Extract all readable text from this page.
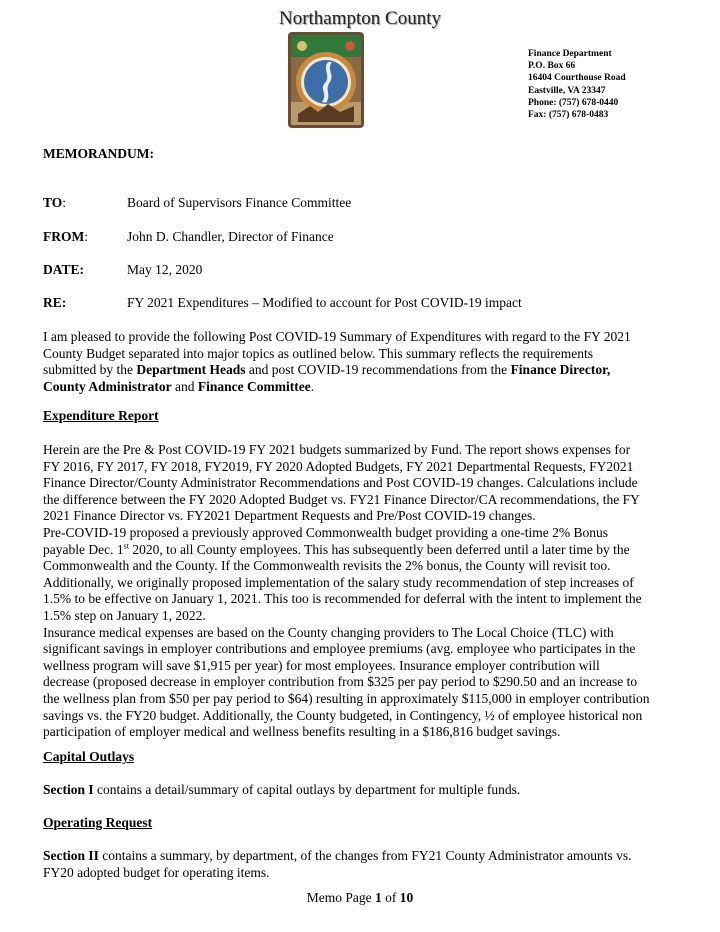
Northampton County
Finance Department
P.O. Box 66
16404 Courthouse Road
Eastville, VA 23347
Phone: (757) 678-0440
Fax: (757) 678-0483
MEMORANDUM:
TO:	Board of Supervisors Finance Committee
FROM:	John D. Chandler, Director of Finance
DATE:	May 12, 2020
RE:	FY 2021 Expenditures – Modified to account for Post COVID-19 impact
I am pleased to provide the following Post COVID-19 Summary of Expenditures with regard to the FY 2021
County Budget separated into major topics as outlined below. This summary reflects the requirements
submitted by the Department Heads and post COVID-19 recommendations from the Finance Director,
County Administrator and Finance Committee.
Expenditure Report
Herein are the Pre & Post COVID-19 FY 2021 budgets summarized by Fund. The report shows expenses for
FY 2016, FY 2017, FY 2018, FY2019, FY 2020 Adopted Budgets, FY 2021 Departmental Requests, FY2021
Finance Director/County Administrator Recommendations and Post COVID-19 changes. Calculations include
the difference between the FY 2020 Adopted Budget vs. FY21 Finance Director/CA recommendations, the FY
2021 Finance Director vs. FY2021 Department Requests and Pre/Post COVID-19 changes.
Pre-COVID-19 proposed a previously approved Commonwealth budget providing a one-time 2% Bonus
payable Dec. 1st 2020, to all County employees. This has subsequently been deferred until a later time by the
Commonwealth and the County. If the Commonwealth revisits the 2% bonus, the County will revisit too.
Additionally, we originally proposed implementation of the salary study recommendation of step increases of
1.5% to be effective on January 1, 2021. This too is recommended for deferral with the intent to implement the
1.5% step on January 1, 2022.
Insurance medical expenses are based on the County changing providers to The Local Choice (TLC) with
significant savings in employer contributions and employee premiums (avg. employee who participates in the
wellness program will save $1,915 per year) for most employees. Insurance employer contribution will
decrease (proposed decrease in employer contribution from $325 per pay period to $290.50 and an increase to
the wellness plan from $50 per pay period to $64) resulting in approximately $115,000 in employer contribution
savings vs. the FY20 budget. Additionally, the County budgeted, in Contingency, ½ of employee historical non
participation of employer medical and wellness benefits resulting in a $186,816 budget savings.
Capital Outlays
Section I contains a detail/summary of capital outlays by department for multiple funds.
Operating Request
Section II contains a summary, by department, of the changes from FY21 County Administrator amounts vs.
FY20 adopted budget for operating items.
Memo Page 1 of 10
